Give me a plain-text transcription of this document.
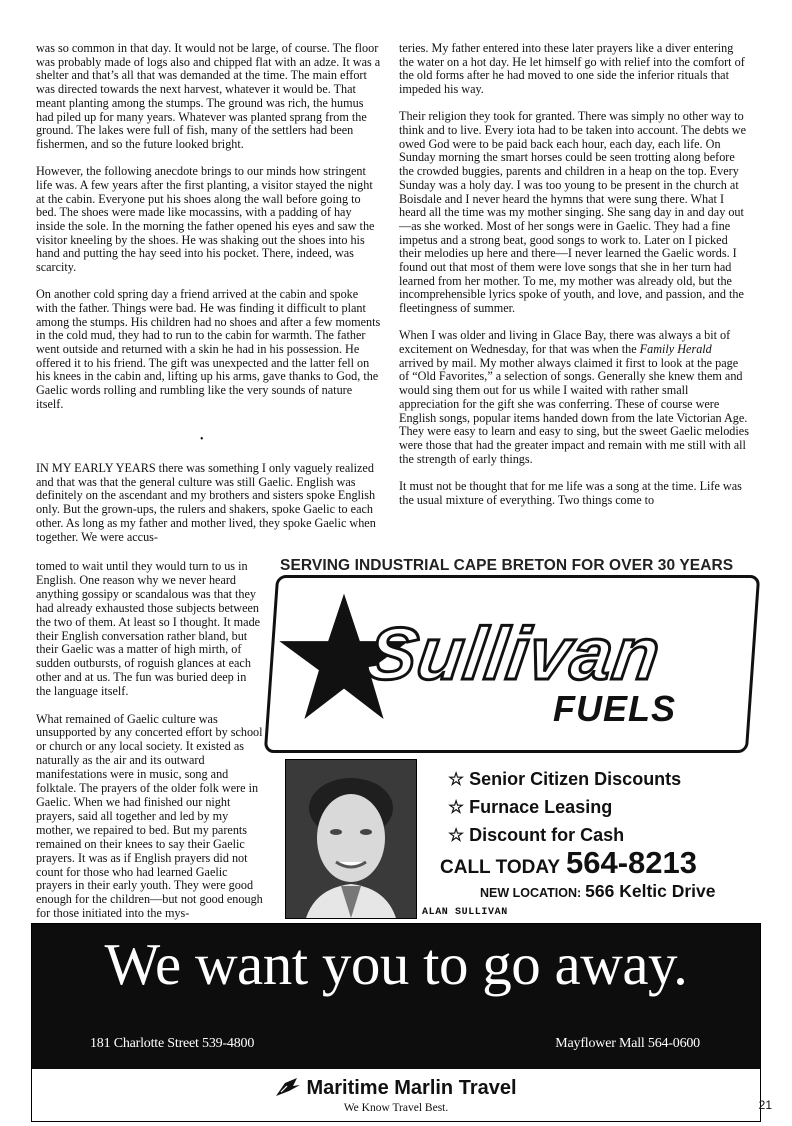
was so common in that day. It would not be large, of course. The floor was probably made of logs also and chipped flat with an adze. It was a shelter and that’s all that was demanded at the time. The main effort was directed towards the next harvest, whatever it would be. That meant planting among the stumps. The ground was rich, the humus had piled up for many years. Whatever was planted sprang from the ground. The lakes were full of fish, many of the settlers had been fishermen, and so the future looked bright.

However, the following anecdote brings to our minds how stringent life was. A few years after the first planting, a visitor stayed the night at the cabin. Everyone put his shoes along the wall before going to bed. The shoes were made like mocassins, with a padding of hay inside the sole. In the morning the father opened his eyes and saw the visitor kneeling by the shoes. He was shaking out the shoes into his hand and putting the hay seed into his pocket. There, indeed, was scarcity.

On another cold spring day a friend arrived at the cabin and spoke with the father. Things were bad. He was finding it difficult to plant among the stumps. His children had no shoes and after a few moments in the cold mud, they had to run to the cabin for warmth. The father went outside and returned with a skin he had in his possession. He offered it to his friend. The gift was unexpected and the latter fell on his knees in the cabin and, lifting up his arms, gave thanks to God, the Gaelic words rolling and rumbling like the very sounds of nature itself.

•

IN MY EARLY YEARS there was something I only vaguely realized and that was that the general culture was still Gaelic. English was definitely on the ascendant and my brothers and sisters spoke English only. But the grown-ups, the rulers and shakers, spoke Gaelic to each other. As long as my father and mother lived, they spoke Gaelic when together. We were accus-

tomed to wait until they would turn to us in English. One reason why we never heard anything gossipy or scandalous was that they had already exhausted those subjects between the two of them. At least so I thought. It made their English conversation rather bland, but their Gaelic was a matter of high mirth, of sudden outbursts, of roguish glances at each other and at us. The fun was buried deep in the language itself.

What remained of Gaelic culture was unsupported by any concerted effort by school or church or any local society. It existed as naturally as the air and its outward manifestations were in music, song and folktale. The prayers of the older folk were in Gaelic. When we had finished our night prayers, said all together and led by my mother, we repaired to bed. But my parents remained on their knees to say their Gaelic prayers. It was as if English prayers did not count for those who had learned Gaelic prayers in their early youth. They were good enough for the children—but not good enough for those initiated into the mys-

teries. My father entered into these later prayers like a diver entering the water on a hot day. He let himself go with relief into the comfort of the old forms after he had moved to one side the inferior rituals that impeded his way.

Their religion they took for granted. There was simply no other way to think and to live. Every iota had to be taken into account. The debts we owed God were to be paid back each hour, each day, each life. On Sunday morning the smart horses could be seen trotting along before the crowded buggies, parents and children in a heap on the top. Every Sunday was a holy day. I was too young to be present in the church at Boisdale and I never heard the hymns that were sung there. What I heard all the time was my mother singing. She sang day in and day out—as she worked. Most of her songs were in Gaelic. They had a fine impetus and a strong beat, good songs to work to. Later on I picked their melodies up here and there—I never learned the Gaelic words. I found out that most of them were love songs that she in her turn had learned from her mother. To me, my mother was already old, but the incomprehensible lyrics spoke of youth, and love, and passion, and the fleetingness of summer.

When I was older and living in Glace Bay, there was always a bit of excitement on Wednesday, for that was when the Family Herald arrived by mail. My mother always claimed it first to look at the page of “Old Favorites,” a selection of songs. Generally she knew them and would sing them out for us while I waited with rather small appreciation for the gift she was conferring. These of course were English songs, popular items handed down from the late Victorian Age. They were easy to learn and easy to sing, but the sweet Gaelic melodies were those that had the greater impact and remain with me still with all the strength of early things.

It must not be thought that for me life was a song at the time. Life was the usual mixture of everything. Two things come to

SERVING INDUSTRIAL CAPE BRETON FOR OVER 30 YEARS
Sullivan
FUELS
☆ Senior Citizen Discounts
☆ Furnace Leasing
☆ Discount for Cash
CALL TODAY 564-8213
NEW LOCATION: 566 Keltic Drive
ALAN SULLIVAN
We want you to go away.
181 Charlotte Street 539-4800	Mayflower Mall 564-0600
Maritime Marlin Travel
We Know Travel Best.	21
